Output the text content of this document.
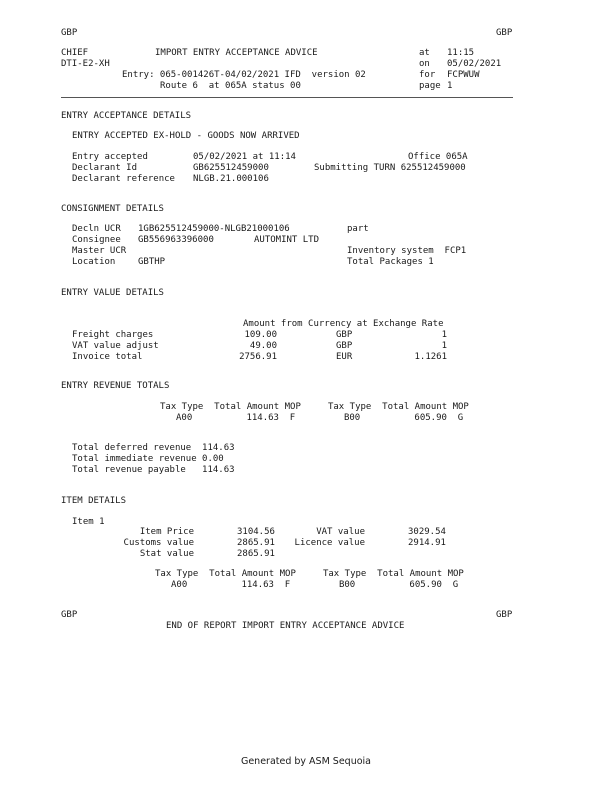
GBP	GBP
CHIEF	IMPORT ENTRY ACCEPTANCE ADVICE
DTI-E2-XH
Entry: 065-001426T-04/02/2021 IFD  version 02
Route 6  at 065A status 00
at 11:15
on 05/02/2021
for FCPWUW
page 1
ENTRY ACCEPTANCE DETAILS
ENTRY ACCEPTED EX-HOLD - GOODS NOW ARRIVED
Entry accepted	05/02/2021 at 11:14	Office 065A
Declarant Id	GB625512459000	Submitting TURN 625512459000
Declarant reference NLGB.21.000106
CONSIGNMENT DETAILS
Decln UCR 1GB625512459000-NLGB21000106	part
Consignee GB556963396000	AUTOMINT LTD
Master UCR	Inventory system  FCP1
Location	GBTHP	Total Packages 1
ENTRY VALUE DETAILS
Amount from Currency at Exchange Rate
Freight charges	109.00	GBP	1
VAT value adjust	49.00	GBP	1
Invoice total	2756.91	EUR	1.1261
ENTRY REVENUE TOTALS
Tax Type  Total Amount MOP     Tax Type  Total Amount MOP
A00          114.63  F         B00          605.90  G
Total deferred revenue  114.63
Total immediate revenue 0.00
Total revenue payable   114.63
ITEM DETAILS
Item 1
Item Price	3104.56	VAT value	3029.54
Customs value	2865.91	Licence value	2914.91
Stat value	2865.91
Tax Type  Total Amount MOP     Tax Type  Total Amount MOP
A00          114.63  F         B00          605.90  G
GBP	GBP
END OF REPORT IMPORT ENTRY ACCEPTANCE ADVICE
Generated by ASM Sequoia
